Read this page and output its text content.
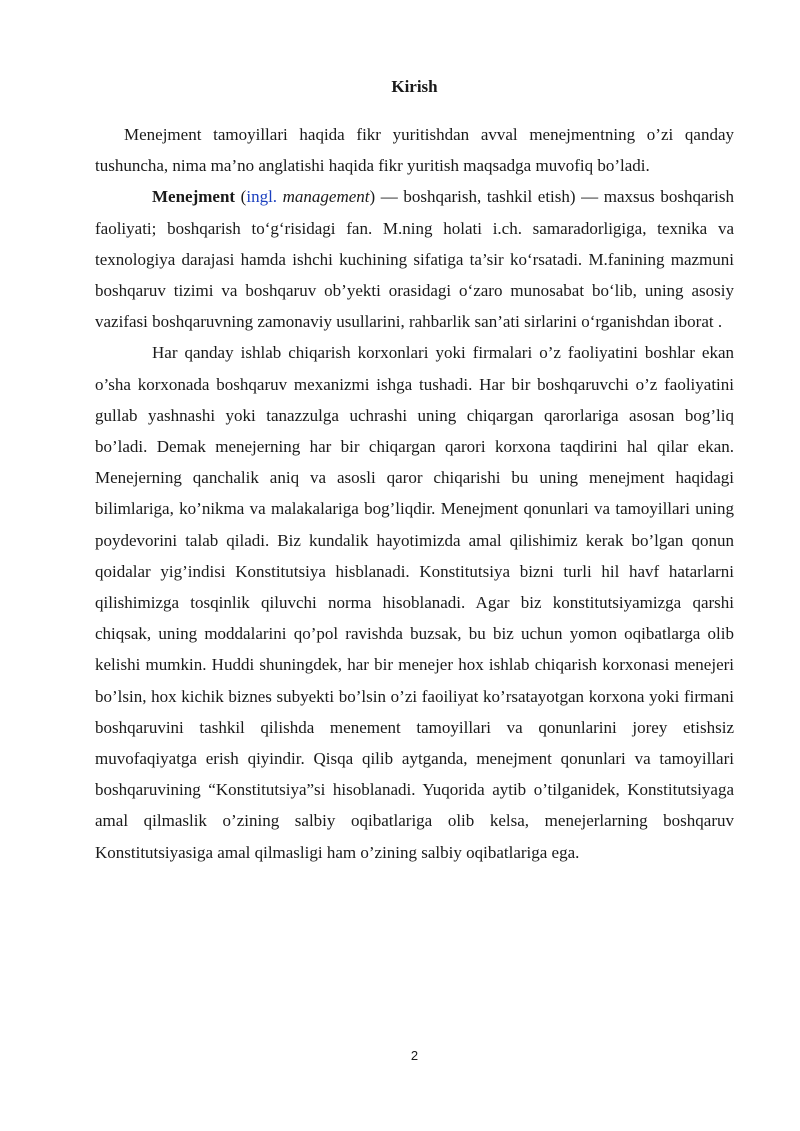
Kirish

Menejment tamoyillari haqida fikr yuritishdan avval menejmentning o’zi qanday tushuncha, nima ma’no anglatishi haqida fikr yuritish maqsadga muvofiq bo’ladi.

Menejment (ingl. management) — boshqarish, tashkil etish) — maxsus boshqarish faoliyati; boshqarish to‘g‘risidagi fan. M.ning holati i.ch. samaradorligiga, texnika va texnologiya darajasi hamda ishchi kuchining sifatiga ta’sir ko‘rsatadi. M.fanining mazmuni boshqaruv tizimi va boshqaruv ob’yekti orasidagi o‘zaro munosabat bo‘lib, uning asosiy vazifasi boshqaruvning zamonaviy usullarini, rahbarlik san’ati sirlarini o‘rganishdan iborat .

Har qanday ishlab chiqarish korxonlari yoki firmalari o’z faoliyatini boshlar ekan o’sha korxonada boshqaruv mexanizmi ishga tushadi. Har bir boshqaruvchi o’z faoliyatini gullab yashnashi yoki tanazzulga uchrashi uning chiqargan qarorlariga asosan bog’liq bo’ladi. Demak menejerning har bir chiqargan qarori korxona taqdirini hal qilar ekan. Menejerning qanchalik aniq va asosli qaror chiqarishi bu uning menejment haqidagi bilimlariga, ko’nikma va malakalariga bog’liqdir. Menejment qonunlari va tamoyillari uning poydevorini talab qiladi. Biz kundalik hayotimizda amal qilishimiz kerak bo’lgan qonun qoidalar yig’indisi Konstitutsiya hisblanadi. Konstitutsiya bizni turli hil havf hatarlarni qilishimizga tosqinlik qiluvchi norma hisoblanadi. Agar biz konstitutsiyamizga qarshi chiqsak, uning moddalarini qo’pol ravishda buzsak, bu biz uchun yomon oqibatlarga olib kelishi mumkin. Huddi shuningdek, har bir menejer hox ishlab chiqarish korxonasi menejeri bo’lsin, hox kichik biznes subyekti bo’lsin o’zi faoiliyat ko’rsatayotgan korxona yoki firmani boshqaruvini tashkil qilishda menement tamoyillari va qonunlarini jorey etishsiz muvofaqiyatga erish qiyindir. Qisqa qilib aytganda, menejment qonunlari va tamoyillari boshqaruvining “Konstitutsiya”si hisoblanadi. Yuqorida aytib o’tilganidek, Konstitutsiyaga amal qilmaslik o’zining salbiy oqibatlariga olib kelsa, menejerlarning boshqaruv Konstitutsiyasiga amal qilmasligi ham o’zining salbiy oqibatlariga ega.

2
